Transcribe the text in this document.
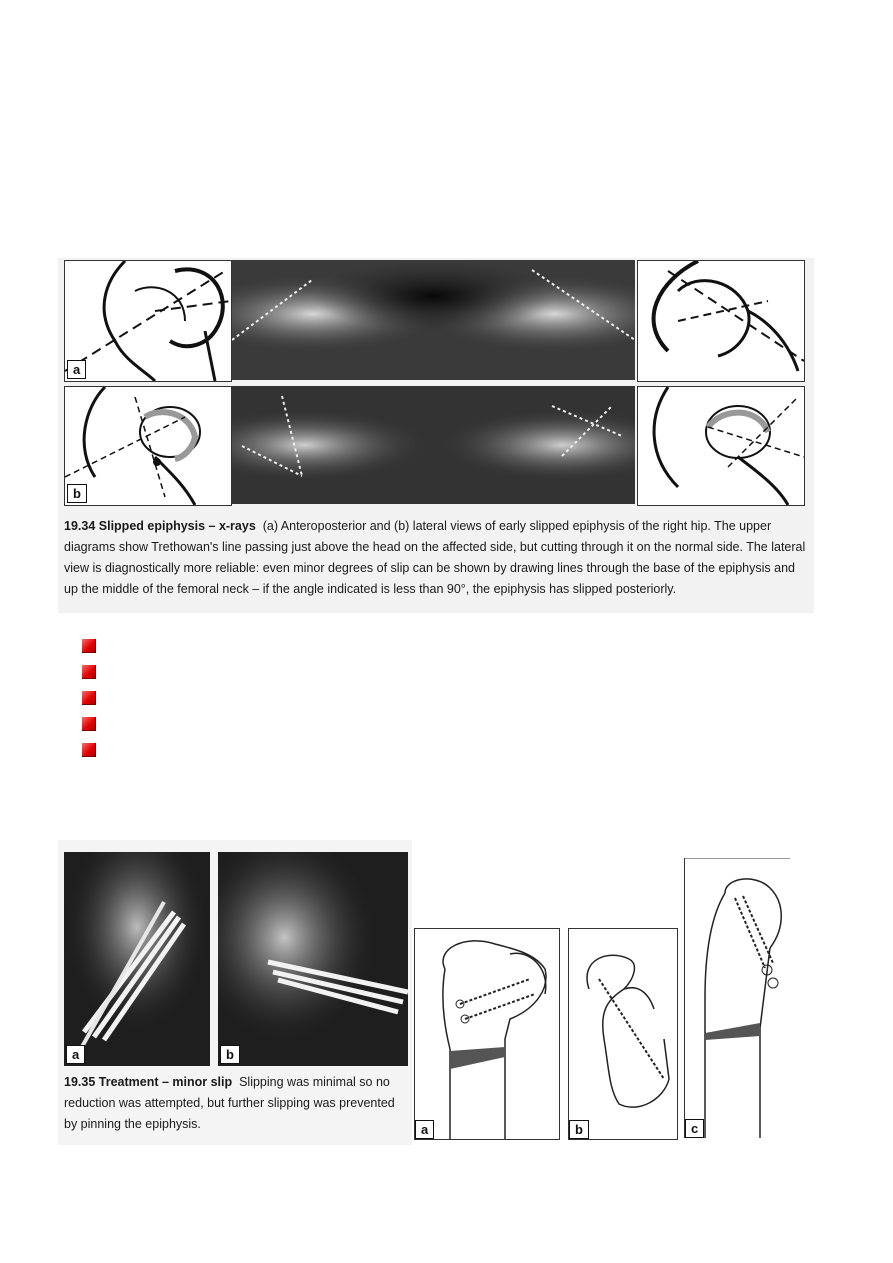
a
b
19.34 Slipped epiphysis – x-rays (a) Anteroposterior and (b) lateral views of early slipped epiphysis of the right hip. The upper diagrams show Trethowan's line passing just above the head on the affected side, but cutting through it on the normal side. The lateral view is diagnostically more reliable: even minor degrees of slip can be shown by drawing lines through the base of the epiphysis and up the middle of the femoral neck – if the angle indicated is less than 90°, the epiphysis has slipped posteriorly.
a	b
19.35 Treatment – minor slip Slipping was minimal so no reduction was attempted, but further slipping was prevented by pinning the epiphysis.	a	b	c
